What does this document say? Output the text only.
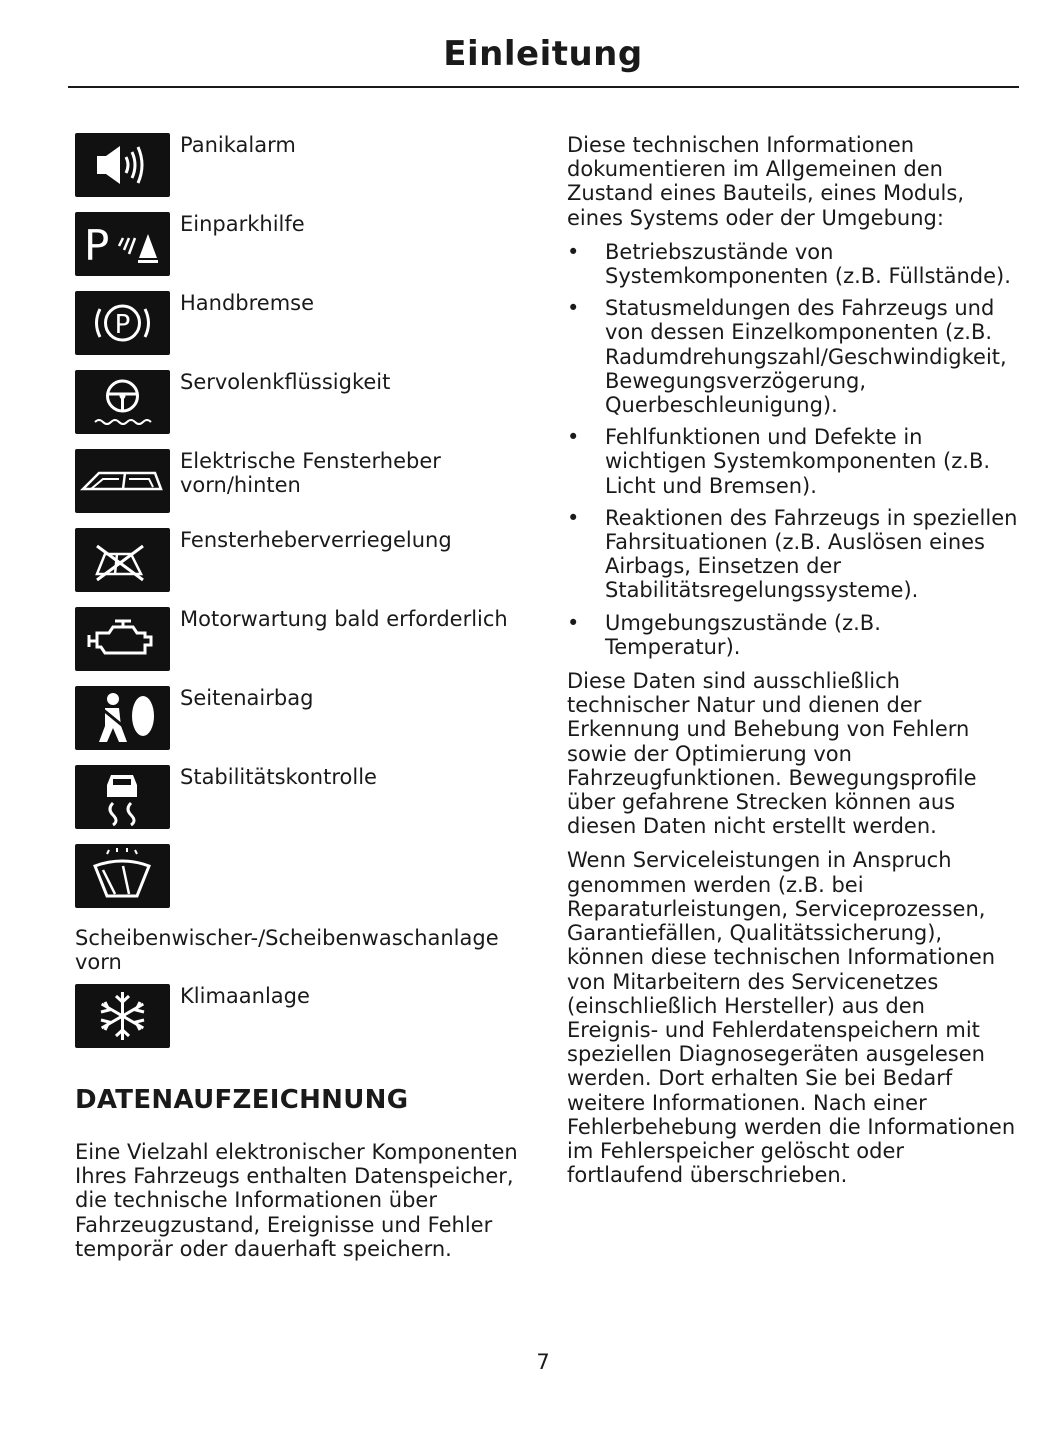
Einleitung
Panikalarm
P	Einparkhilfe
P
Handbremse
Servolenkflüssigkeit
Elektrische Fensterheber vorn/hinten
Fensterheberverriegelung
Motorwartung bald erforderlich
Seitenairbag
Stabilitätskontrolle
Scheibenwischer-/Scheibenwaschanlage vorn
Klimaanlage
DATENAUFZEICHNUNG
Eine Vielzahl elektronischer Komponenten Ihres Fahrzeugs enthalten Datenspeicher, die technische Informationen über Fahrzeugzustand, Ereignisse und Fehler temporär oder dauerhaft speichern.

Diese technischen Informationen dokumentieren im Allgemeinen den Zustand eines Bauteils, eines Moduls, eines Systems oder der Umgebung:

• Betriebszustände von Systemkomponenten (z.B. Füllstände).
• Statusmeldungen des Fahrzeugs und von dessen Einzelkomponenten (z.B. Radumdrehungszahl/Geschwindigkeit, Bewegungsverzögerung, Querbeschleunigung).
• Fehlfunktionen und Defekte in wichtigen Systemkomponenten (z.B. Licht und Bremsen).
• Reaktionen des Fahrzeugs in speziellen Fahrsituationen (z.B. Auslösen eines Airbags, Einsetzen der Stabilitätsregelungssysteme).
• Umgebungszustände (z.B. Temperatur).

Diese Daten sind ausschließlich technischer Natur und dienen der Erkennung und Behebung von Fehlern sowie der Optimierung von Fahrzeugfunktionen. Bewegungsprofile über gefahrene Strecken können aus diesen Daten nicht erstellt werden.

Wenn Serviceleistungen in Anspruch genommen werden (z.B. bei Reparaturleistungen, Serviceprozessen, Garantiefällen, Qualitätssicherung), können diese technischen Informationen von Mitarbeitern des Servicenetzes (einschließlich Hersteller) aus den Ereignis- und Fehlerdatenspeichern mit speziellen Diagnosegeräten ausgelesen werden. Dort erhalten Sie bei Bedarf weitere Informationen. Nach einer Fehlerbehebung werden die Informationen im Fehlerspeicher gelöscht oder fortlaufend überschrieben.

7
